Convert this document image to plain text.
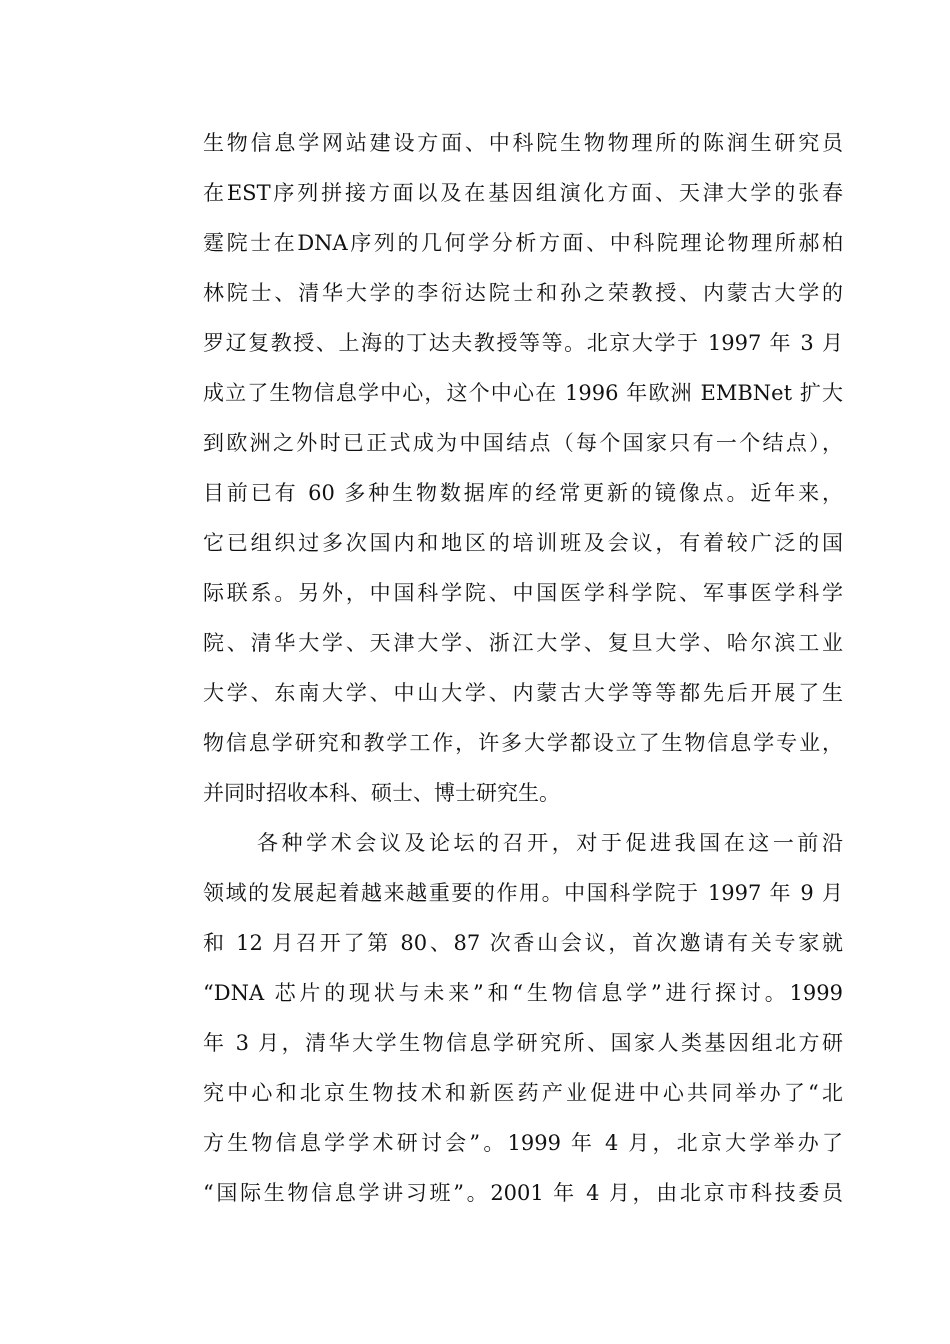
生物信息学网站建设方面、中科院生物物理所的陈润生研究员
在EST序列拼接方面以及在基因组演化方面、天津大学的张春
霆院士在DNA序列的几何学分析方面、中科院理论物理所郝柏
林院士、清华大学的李衍达院士和孙之荣教授、内蒙古大学的
罗辽复教授、上海的丁达夫教授等等。北京大学于 1997 年 3 月
成立了生物信息学中心，这个中心在 1996 年欧洲 EMBNet 扩大
到欧洲之外时已正式成为中国结点（每个国家只有一个结点），
目前已有 60 多种生物数据库的经常更新的镜像点。近年来，
它已组织过多次国内和地区的培训班及会议，有着较广泛的国
际联系。另外，中国科学院、中国医学科学院、军事医学科学
院、清华大学、天津大学、浙江大学、复旦大学、哈尔滨工业
大学、东南大学、中山大学、内蒙古大学等等都先后开展了生
物信息学研究和教学工作，许多大学都设立了生物信息学专业，
并同时招收本科、硕士、博士研究生。
各种学术会议及论坛的召开，对于促进我国在这一前沿
领域的发展起着越来越重要的作用。中国科学院于 1997 年 9 月
和 12 月召开了第 80、87 次香山会议，首次邀请有关专家就
“DNA 芯片的现状与未来”和“生物信息学”进行探讨。1999
年 3 月，清华大学生物信息学研究所、国家人类基因组北方研
究中心和北京生物技术和新医药产业促进中心共同举办了“北
方生物信息学学术研讨会”。1999 年 4 月，北京大学举办了
“国际生物信息学讲习班”。2001 年 4 月，由北京市科技委员
